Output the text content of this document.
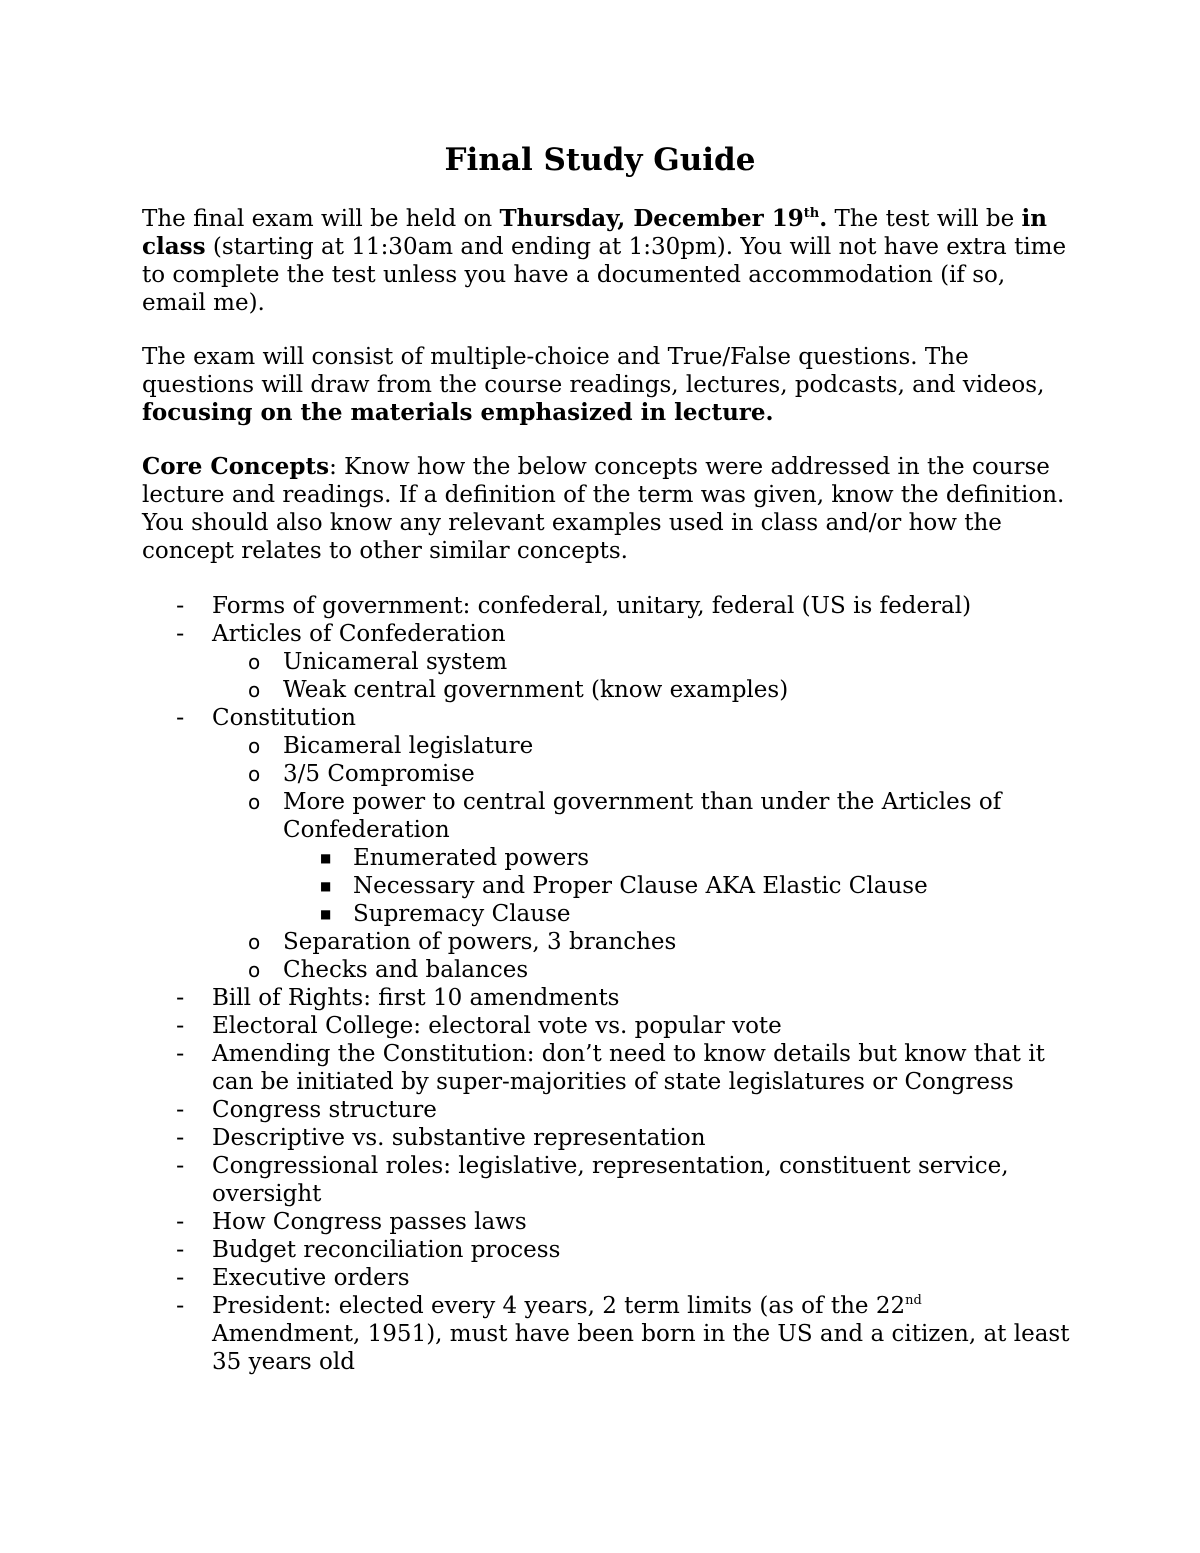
Final Study Guide

The final exam will be held on Thursday, December 19th. The test will be in class (starting at 11:30am and ending at 1:30pm). You will not have extra time to complete the test unless you have a documented accommodation (if so, email me).

The exam will consist of multiple-choice and True/False questions. The questions will draw from the course readings, lectures, podcasts, and videos, focusing on the materials emphasized in lecture.

Core Concepts: Know how the below concepts were addressed in the course lecture and readings. If a definition of the term was given, know the definition. You should also know any relevant examples used in class and/or how the concept relates to other similar concepts.

- Forms of government: confederal, unitary, federal (US is federal)
- Articles of Confederation
o Unicameral system
o Weak central government (know examples)
- Constitution
o Bicameral legislature
o 3/5 Compromise
o More power to central government than under the Articles of Confederation
■ Enumerated powers
■ Necessary and Proper Clause AKA Elastic Clause
■ Supremacy Clause
o Separation of powers, 3 branches
o Checks and balances
- Bill of Rights: first 10 amendments
- Electoral College: electoral vote vs. popular vote
- Amending the Constitution: don’t need to know details but know that it can be initiated by super-majorities of state legislatures or Congress
- Congress structure
- Descriptive vs. substantive representation
- Congressional roles: legislative, representation, constituent service, oversight
- How Congress passes laws
- Budget reconciliation process
- Executive orders
- President: elected every 4 years, 2 term limits (as of the 22nd Amendment, 1951), must have been born in the US and a citizen, at least 35 years old
